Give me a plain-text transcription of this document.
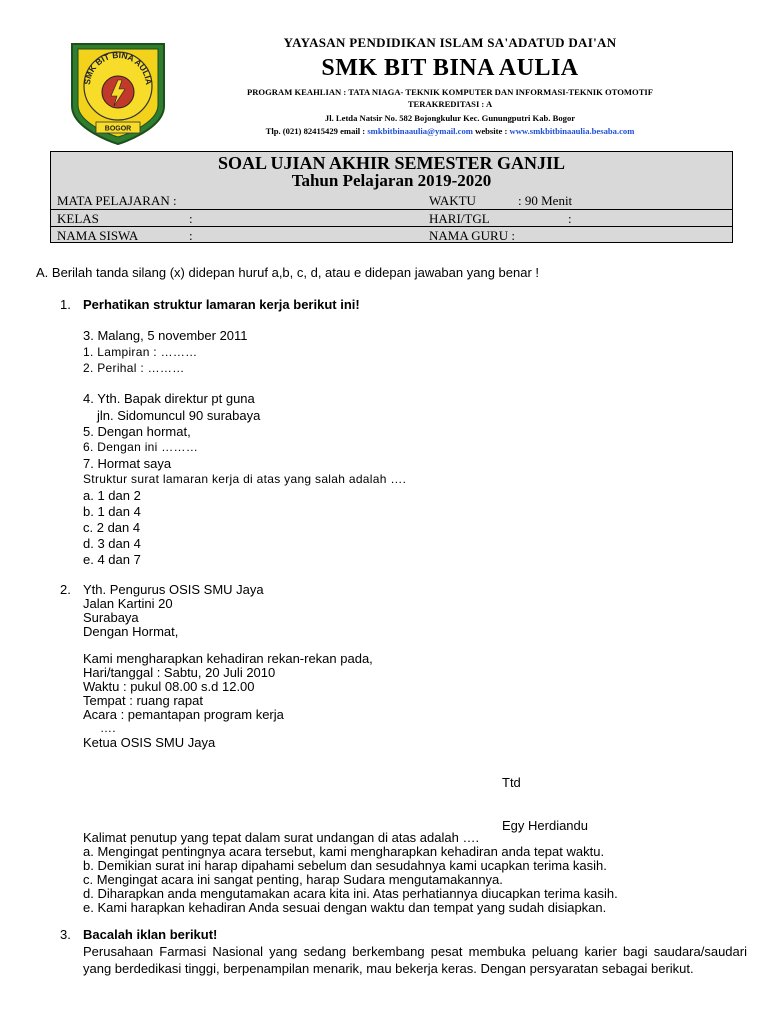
SMK BIT BINA AULIA
BOGOR
YAYASAN PENDIDIKAN ISLAM SA'ADATUD DAI'AN
SMK BIT BINA AULIA
PROGRAM KEAHLIAN : TATA NIAGA- TEKNIK KOMPUTER DAN INFORMASI-TEKNIK OTOMOTIF
TERAKREDITASI : A
Jl. Letda Natsir No. 582 Bojongkulur Kec. Gunungputri Kab. Bogor
Tlp. (021) 82415429 email : smkbitbinaaulia@ymail.com website : www.smkbitbinaaulia.besaba.com
SOAL UJIAN AKHIR SEMESTER GANJIL
Tahun Pelajaran 2019-2020
MATA PELAJARAN :	WAKTU	: 90 Menit
KELAS	:	HARI/TGL	:
NAMA SISWA	:	NAMA GURU :
A. Berilah tanda silang (x) didepan huruf a,b, c, d, atau e didepan jawaban yang benar !
1. Perhatikan struktur lamaran kerja berikut ini!
3. Malang, 5 november 2011
1. Lampiran : ………
2. Perihal : ………
4. Yth. Bapak direktur pt guna
jln. Sidomuncul 90 surabaya
5. Dengan hormat,
6. Dengan ini ………
7. Hormat saya
Struktur surat lamaran kerja di atas yang salah adalah ….
a. 1 dan 2
b. 1 dan 4
c. 2 dan 4
d. 3 dan 4
e. 4 dan 7
2. Yth. Pengurus OSIS SMU Jaya
Jalan Kartini 20
Surabaya
Dengan Hormat,
Kami mengharapkan kehadiran rekan-rekan pada,
Hari/tanggal : Sabtu, 20 Juli 2010
Waktu : pukul 08.00 s.d 12.00
Tempat : ruang rapat
Acara : pemantapan program kerja
….
Ketua OSIS SMU Jaya
Ttd
Egy Herdiandu
Kalimat penutup yang tepat dalam surat undangan di atas adalah ….
a. Mengingat pentingnya acara tersebut, kami mengharapkan kehadiran anda tepat waktu.
b. Demikian surat ini harap dipahami sebelum dan sesudahnya kami ucapkan terima kasih.
c. Mengingat acara ini sangat penting, harap Sudara mengutamakannya.
d. Diharapkan anda mengutamakan acara kita ini. Atas perhatiannya diucapkan terima kasih.
e. Kami harapkan kehadiran Anda sesuai dengan waktu dan tempat yang sudah disiapkan.
3. Bacalah iklan berikut!
Perusahaan Farmasi Nasional yang sedang berkembang pesat membuka peluang karier bagi saudara/saudari yang berdedikasi tinggi, berpenampilan menarik, mau bekerja keras. Dengan persyaratan sebagai berikut.
